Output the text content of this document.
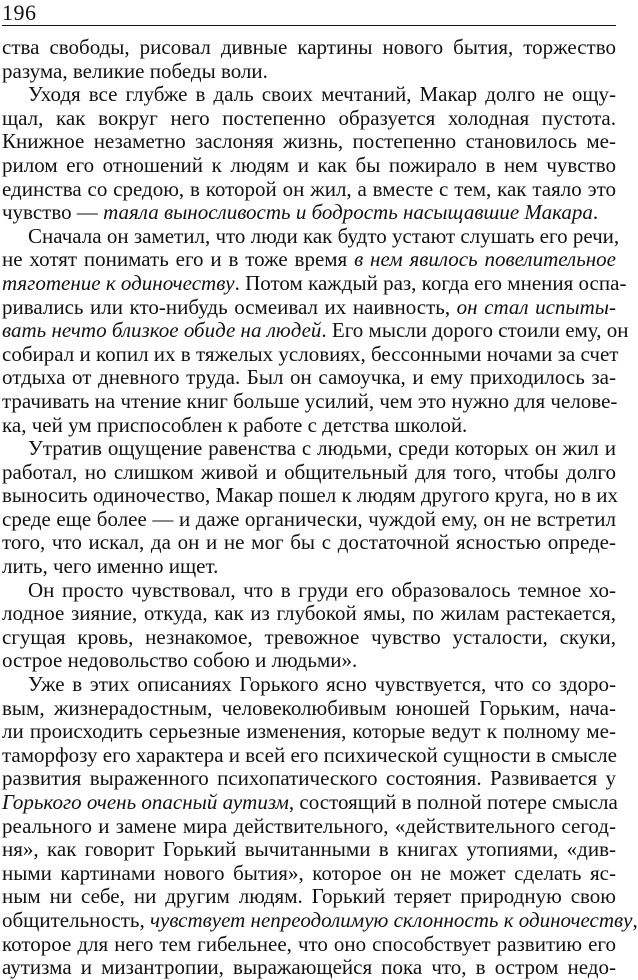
196
ства свободы, рисовал дивные картины нового бытия, торжество
разума, великие победы воли.
Уходя все глубже в даль своих мечтаний, Макар долго не ощу-
щал, как вокруг него постепенно образуется холодная пустота.
Книжное незаметно заслоняя жизнь, постепенно становилось ме-
рилом его отношений к людям и как бы пожирало в нем чувство
единства со средою, в которой он жил, а вместе с тем, как таяло это
чувство — таяла выносливость и бодрость насыщавшие Макара.
Сначала он заметил, что люди как будто устают слушать его речи,
не хотят понимать его и в тоже время в нем явилось повелительное
тяготение к одиночеству. Потом каждый раз, когда его мнения оспа-
ривались или кто-нибудь осмеивал их наивность, он стал испыты-
вать нечто близкое обиде на людей. Его мысли дорого стоили ему, он
собирал и копил их в тяжелых условиях, бессонными ночами за счет
отдыха от дневного труда. Был он самоучка, и ему приходилось за-
трачивать на чтение книг больше усилий, чем это нужно для челове-
ка, чей ум приспособлен к работе с детства школой.
Утратив ощущение равенства с людьми, среди которых он жил и
работал, но слишком живой и общительный для того, чтобы долго
выносить одиночество, Макар пошел к людям другого круга, но в их
среде еще более — и даже органически, чуждой ему, он не встретил
того, что искал, да он и не мог бы с достаточной ясностью опреде-
лить, чего именно ищет.
Он просто чувствовал, что в груди его образовалось темное хо-
лодное зияние, откуда, как из глубокой ямы, по жилам растекается,
сгущая кровь, незнакомое, тревожное чувство усталости, скуки,
острое недовольство собою и людьми».
Уже в этих описаниях Горького ясно чувствуется, что со здоро-
вым, жизнерадостным, человеколюбивым юношей Горьким, нача-
ли происходить серьезные изменения, которые ведут к полному ме-
таморфозу его характера и всей его психической сущности в смысле
развития выраженного психопатического состояния. Развивается у
Горького очень опасный аутизм, состоящий в полной потере смысла
реального и замене мира действительного, «действительного сегод-
ня», как говорит Горький вычитанными в книгах утопиями, «див-
ными картинами нового бытия», которое он не может сделать яс-
ным ни себе, ни другим людям. Горький теряет природную свою
общительность, чувствует непреодолимую склонность к одиночеству,
которое для него тем гибельнее, что оно способствует развитию его
аутизма и мизантропии, выражающейся пока что, в остром недо-
